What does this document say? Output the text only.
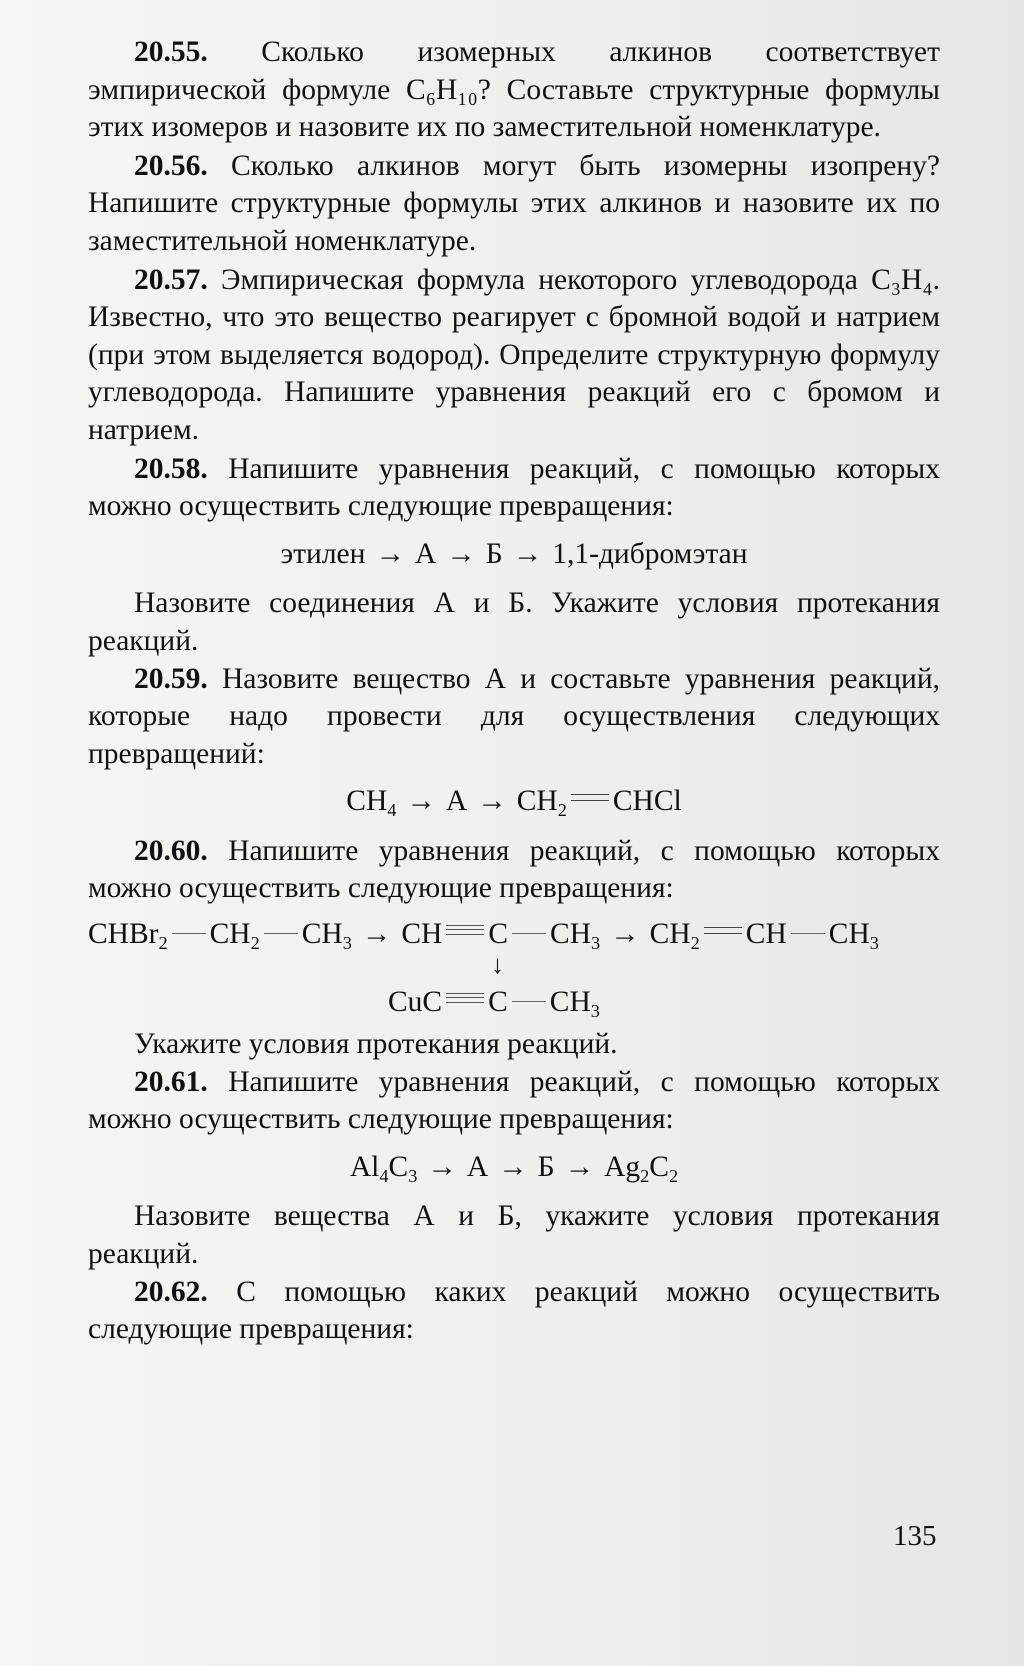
20.55. Сколько изомерных алкинов соответствует эмпирической формуле C₆H₁₀? Составьте структурные формулы этих изомеров и назовите их по заместительной номенклатуре.

20.56. Сколько алкинов могут быть изомерны изопрену? Напишите структурные формулы этих алкинов и назовите их по заместительной номенклатуре.

20.57. Эмпирическая формула некоторого углеводорода C₃H₄. Известно, что это вещество реагирует с бромной водой и натрием (при этом выделяется водород). Определите структурную формулу углеводорода. Напишите уравнения реакций его с бромом и натрием.

20.58. Напишите уравнения реакций, с помощью которых можно осуществить следующие превращения:

этилен → А → Б → 1,1-дибромэтан

Назовите соединения А и Б. Укажите условия протекания реакций.

20.59. Назовите вещество А и составьте уравнения реакций, которые надо провести для осуществления следующих превращений:

$CH_4 \to А \to CH_2$ CHCl

20.60. Напишите уравнения реакций, с помощью которых можно осуществить следующие превращения:

CHBr$_2$ $CH_2$ $CH_3$ → CH C $CH_3 \to CH_2$ CH $CH_3$
↓
CuC C $CH_3$

Укажите условия протекания реакций.

20.61. Напишите уравнения реакций, с помощью которых можно осуществить следующие превращения:

$Al_4C_3 \to А \to Б \to Ag_2C_2$

Назовите вещества А и Б, укажите условия протекания реакций.

20.62. С помощью каких реакций можно осуществить следующие превращения:

135
